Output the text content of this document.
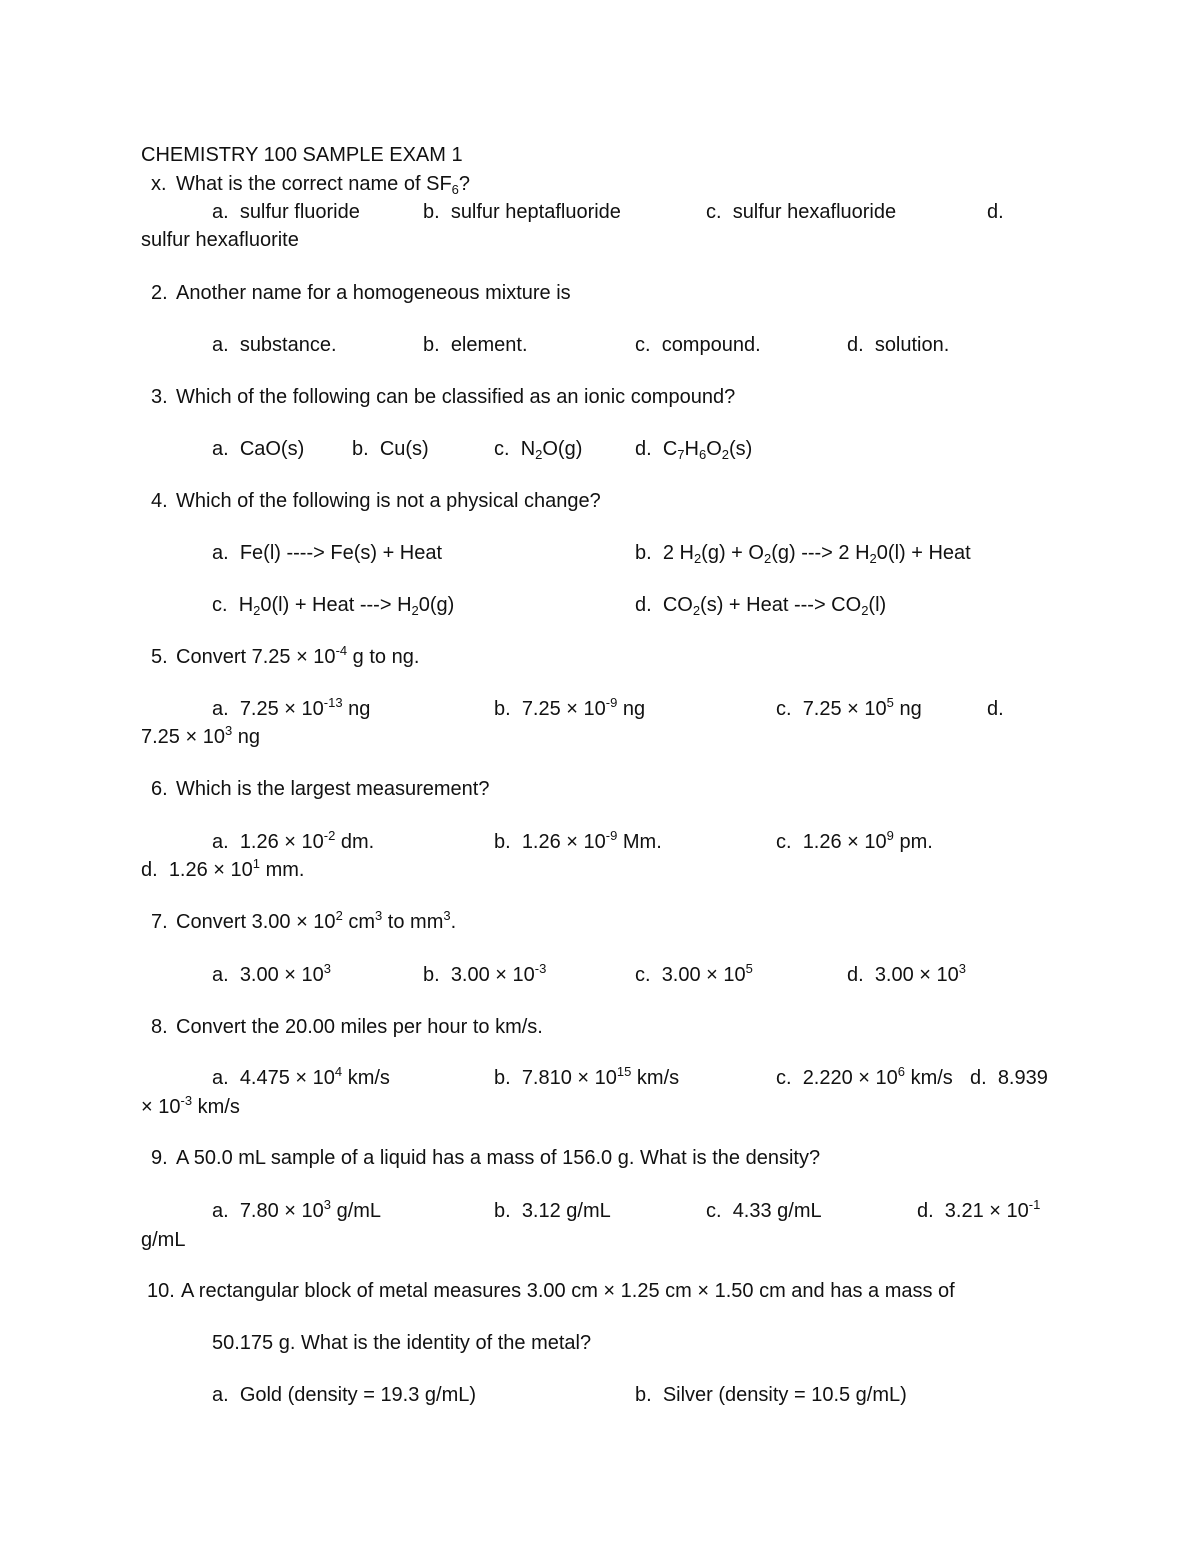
CHEMISTRY 100 SAMPLE EXAM 1
x. What is the correct name of $SF_6$?
a. sulfur fluoride	b. sulfur heptafluoride	c. sulfur hexafluoride	d.
sulfur hexafluorite
2. Another name for a homogeneous mixture is
a. substance.	b. element.	c. compound.	d. solution.
3. Which of the following can be classified as an ionic compound?
a. CaO(s) b. Cu(s)	c. $N_2O(g)$	d. $C_7H_6O_2(s)$
4. Which of the following is not a physical change?
a. Fe(l) ----> Fe(s) + Heat	b. 2 $H_2(g) + O_2(g)$ ---> 2 $H_20(l)$ + Heat
c. $H_20(l)$ + Heat ---> $H_20(g)$	d. $CO_2(s)$ + Heat ---> $CO_2(l)$
5. Convert $7.25 \times 10^{-4}$ g to ng.
a. $7.25 \times 10^{-13}$ ng	b. $7.25 \times 10^{-9}$ ng	c. $7.25 \times 10^5$ ng	d.
$7.25 \times 10^3$ ng
6. Which is the largest measurement?
a. $1.26 \times 10^{-2}$ dm.	b. $1.26 \times 10^{-9}$ Mm.	c. $1.26 \times 10^9$ pm.
d. $1.26 \times 10^1$ mm.
7. Convert $3.00 \times 10^2$ $cm^3$ to $mm^3$.
a. $3.00 \times 10^3$	b. $3.00 \times 10^{-3}$	c. $3.00 \times 10^5$	d. $3.00 \times 10^3$
8. Convert the 20.00 miles per hour to km/s.
a. $4.475 \times 10^4$ km/s	b. $7.810 \times 10^{15}$ km/s	c. $2.220 \times 10^6$ km/s d. 8.939
× $10^{-3}$ km/s
9. A 50.0 mL sample of a liquid has a mass of 156.0 g. What is the density?
a. $7.80 \times 10^3$ g/mL	b. 3.12 g/mL	c. 4.33 g/mL	d.  $3.21 \times 10^{-1}$
g/mL
10. A rectangular block of metal measures 3.00 cm × 1.25 cm × 1.50 cm and has a mass of
50.175 g. What is the identity of the metal?
a. Gold (density = 19.3 g/mL)	b. Silver (density = 10.5 g/mL)
